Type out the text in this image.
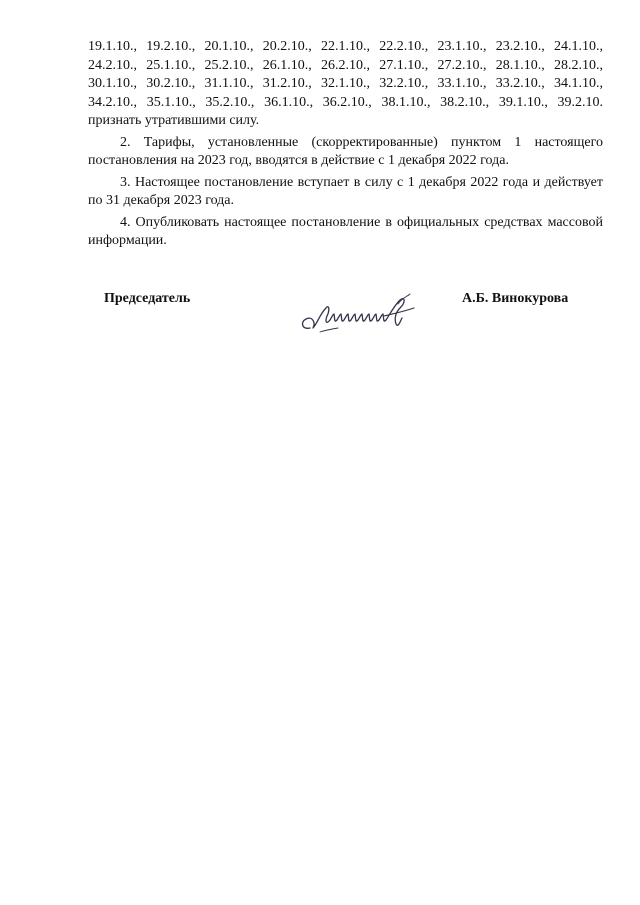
19.1.10., 19.2.10., 20.1.10., 20.2.10., 22.1.10., 22.2.10., 23.1.10., 23.2.10., 24.1.10.,
24.2.10., 25.1.10., 25.2.10., 26.1.10., 26.2.10., 27.1.10., 27.2.10., 28.1.10., 28.2.10.,
30.1.10., 30.2.10., 31.1.10., 31.2.10., 32.1.10., 32.2.10., 33.1.10., 33.2.10., 34.1.10.,
34.2.10., 35.1.10., 35.2.10., 36.1.10., 36.2.10., 38.1.10., 38.2.10., 39.1.10., 39.2.10.

признать утратившими силу.

2. Тарифы, установленные (скорректированные) пунктом 1 настоящего постановления на 2023 год, вводятся в действие с 1 декабря 2022 года.

3. Настоящее постановление вступает в силу с 1 декабря 2022 года и действует по 31 декабря 2023 года.

4. Опубликовать настоящее постановление в официальных средствах массовой информации.

Председатель	А.Б. Винокурова
